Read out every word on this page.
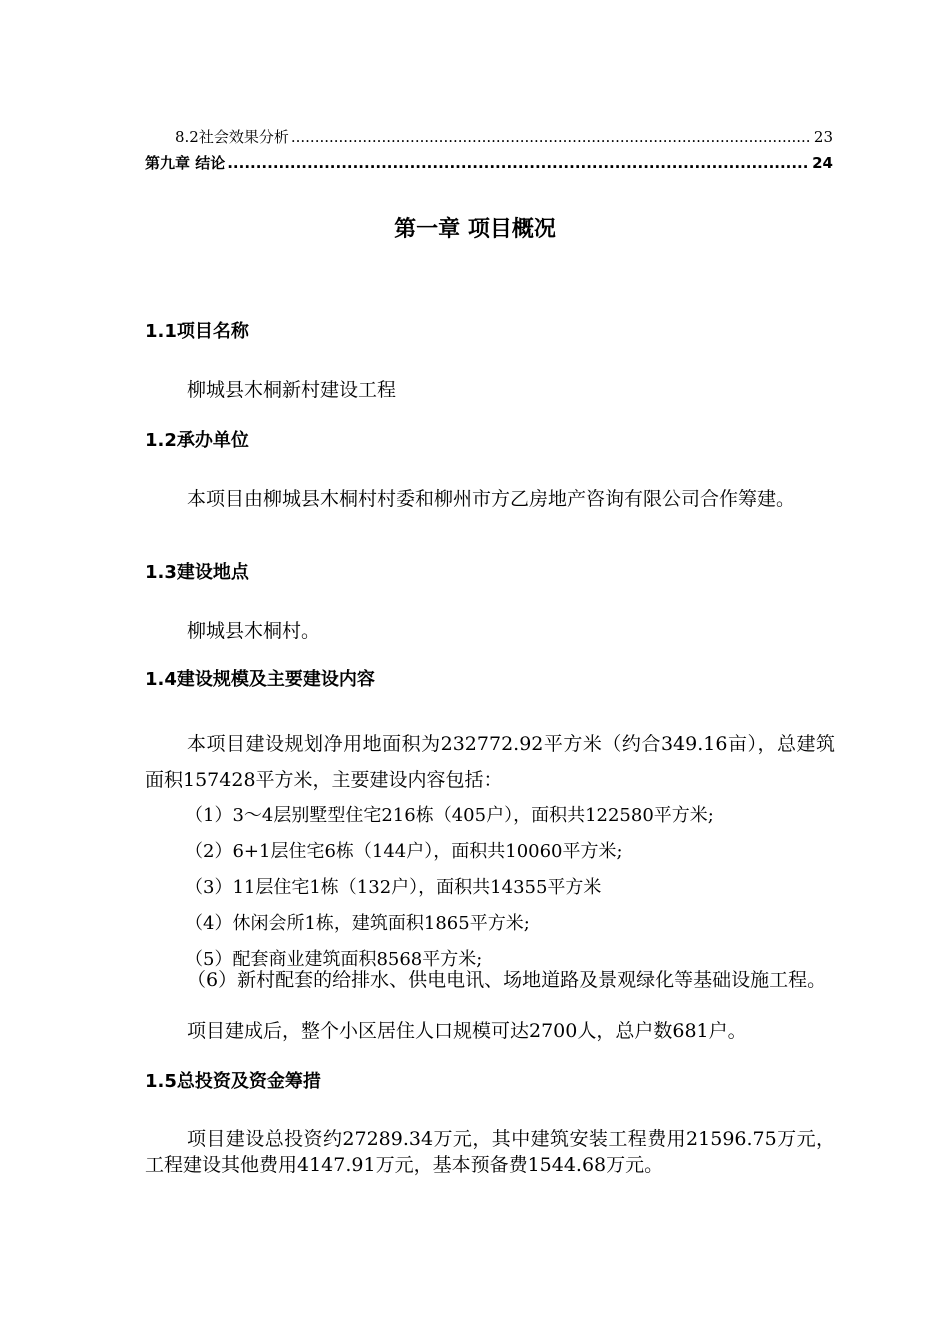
8.2社会效果分析 .....	23
第九章 结论 .....	24
第一章 项目概况
1.1项目名称
柳城县木桐新村建设工程
1.2承办单位
本项目由柳城县木桐村村委和柳州市方乙房地产咨询有限公司合作筹建。
1.3建设地点
柳城县木桐村。
1.4建设规模及主要建设内容
本项目建设规划净用地面积为232772.92平方米（约合349.16亩），总建筑面积157428平方米，主要建设内容包括：
（1）3～4层别墅型住宅216栋（405户），面积共122580平方米;
（2）6+1层住宅6栋（144户），面积共10060平方米;
（3）11层住宅1栋（132户），面积共14355平方米
（4）休闲会所1栋，建筑面积1865平方米;
（5）配套商业建筑面积8568平方米;
（6）新村配套的给排水、供电电讯、场地道路及景观绿化等基础设施工程。
项目建成后，整个小区居住人口规模可达2700人，总户数681户。
1.5总投资及资金筹措
项目建设总投资约27289.34万元，其中建筑安装工程费用21596.75万元，工程建设其他费用4147.91万元，基本预备费1544.68万元。
